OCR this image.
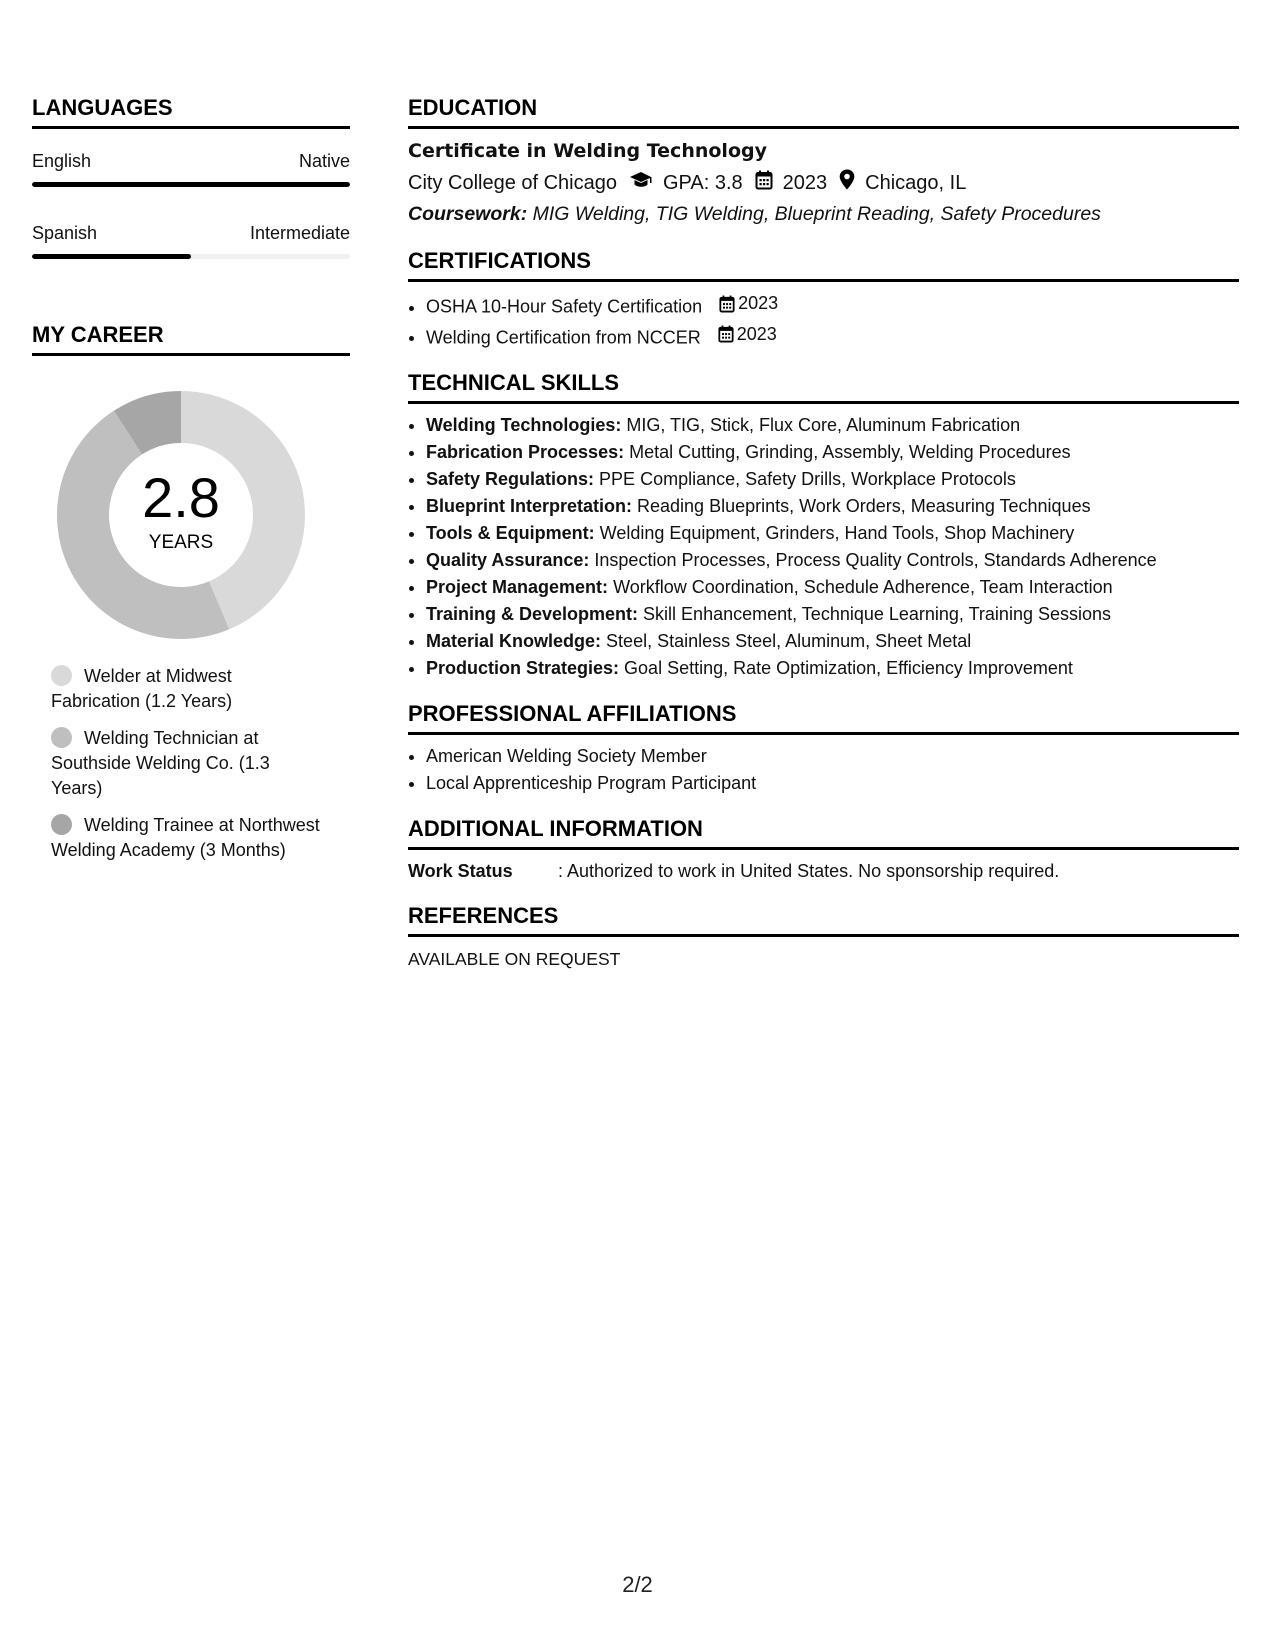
LANGUAGES
English	Native
Spanish	Intermediate
MY CAREER
2.8
YEARS
Welder at Midwest Fabrication (1.2 Years)
Welding Technician at Southside Welding Co. (1.3 Years)
Welding Trainee at Northwest Welding Academy (3 Months)
EDUCATION
Certificate in Welding Technology
City College of Chicago GPA: 3.8 2023 Chicago, IL
Coursework: MIG Welding, TIG Welding, Blueprint Reading, Safety Procedures
CERTIFICATIONS
• OSHA 10-Hour Safety Certification 2023
• Welding Certification from NCCER 2023
TECHNICAL SKILLS
• Welding Technologies: MIG, TIG, Stick, Flux Core, Aluminum Fabrication
• Fabrication Processes: Metal Cutting, Grinding, Assembly, Welding Procedures
• Safety Regulations: PPE Compliance, Safety Drills, Workplace Protocols
• Blueprint Interpretation: Reading Blueprints, Work Orders, Measuring Techniques
• Tools & Equipment: Welding Equipment, Grinders, Hand Tools, Shop Machinery
• Quality Assurance: Inspection Processes, Process Quality Controls, Standards Adherence
• Project Management: Workflow Coordination, Schedule Adherence, Team Interaction
• Training & Development: Skill Enhancement, Technique Learning, Training Sessions
• Material Knowledge: Steel, Stainless Steel, Aluminum, Sheet Metal
• Production Strategies: Goal Setting, Rate Optimization, Efficiency Improvement
PROFESSIONAL AFFILIATIONS
• American Welding Society Member
• Local Apprenticeship Program Participant
ADDITIONAL INFORMATION
Work Status	: Authorized to work in United States. No sponsorship required.
REFERENCES
AVAILABLE ON REQUEST
2/2
